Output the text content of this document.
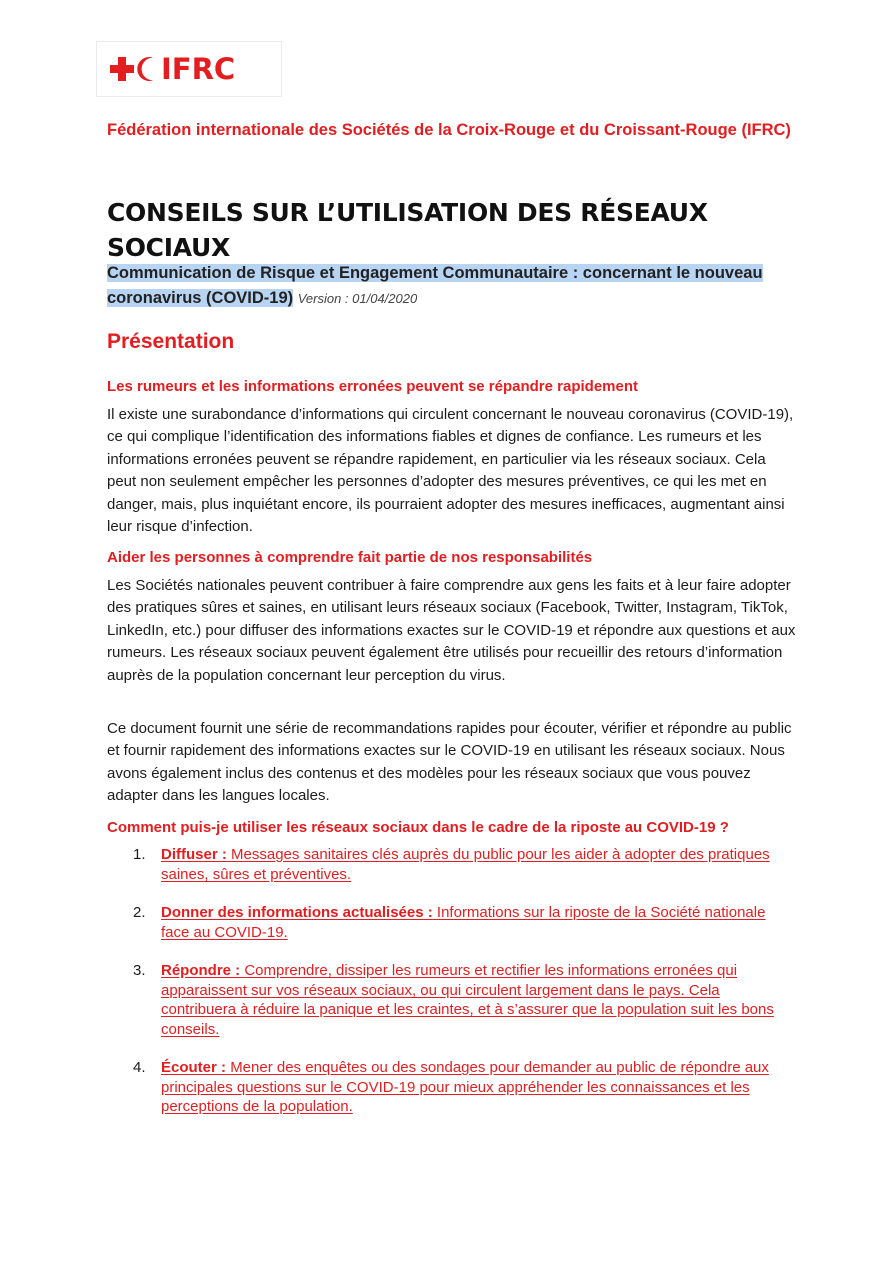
IFRC
Fédération internationale des Sociétés de la Croix-Rouge et du Croissant-Rouge (IFRC)
CONSEILS SUR L’UTILISATION DES RÉSEAUX SOCIAUX
Communication de Risque et Engagement Communautaire : concernant le nouveau coronavirus (COVID-19) Version : 01/04/2020
Présentation
Les rumeurs et les informations erronées peuvent se répandre rapidement
Il existe une surabondance d’informations qui circulent concernant le nouveau coronavirus (COVID-19), ce qui complique l’identification des informations fiables et dignes de confiance. Les rumeurs et les informations erronées peuvent se répandre rapidement, en particulier via les réseaux sociaux. Cela peut non seulement empêcher les personnes d’adopter des mesures préventives, ce qui les met en danger, mais, plus inquiétant encore, ils pourraient adopter des mesures inefficaces, augmentant ainsi leur risque d’infection.
Aider les personnes à comprendre fait partie de nos responsabilités
Les Sociétés nationales peuvent contribuer à faire comprendre aux gens les faits et à leur faire adopter des pratiques sûres et saines, en utilisant leurs réseaux sociaux (Facebook, Twitter, Instagram, TikTok, LinkedIn, etc.) pour diffuser des informations exactes sur le COVID-19 et répondre aux questions et aux rumeurs. Les réseaux sociaux peuvent également être utilisés pour recueillir des retours d’information auprès de la population concernant leur perception du virus.
Ce document fournit une série de recommandations rapides pour écouter, vérifier et répondre au public et fournir rapidement des informations exactes sur le COVID-19 en utilisant les réseaux sociaux. Nous avons également inclus des contenus et des modèles pour les réseaux sociaux que vous pouvez adapter dans les langues locales.
Comment puis-je utiliser les réseaux sociaux dans le cadre de la riposte au COVID-19 ?
1. Diffuser : Messages sanitaires clés auprès du public pour les aider à adopter des pratiques saines, sûres et préventives.
2. Donner des informations actualisées : Informations sur la riposte de la Société nationale face au COVID-19.
3. Répondre : Comprendre, dissiper les rumeurs et rectifier les informations erronées qui apparaissent sur vos réseaux sociaux, ou qui circulent largement dans le pays. Cela contribuera à réduire la panique et les craintes, et à s’assurer que la population suit les bons conseils.
4. Écouter : Mener des enquêtes ou des sondages pour demander au public de répondre aux principales questions sur le COVID-19 pour mieux appréhender les connaissances et les perceptions de la population.
